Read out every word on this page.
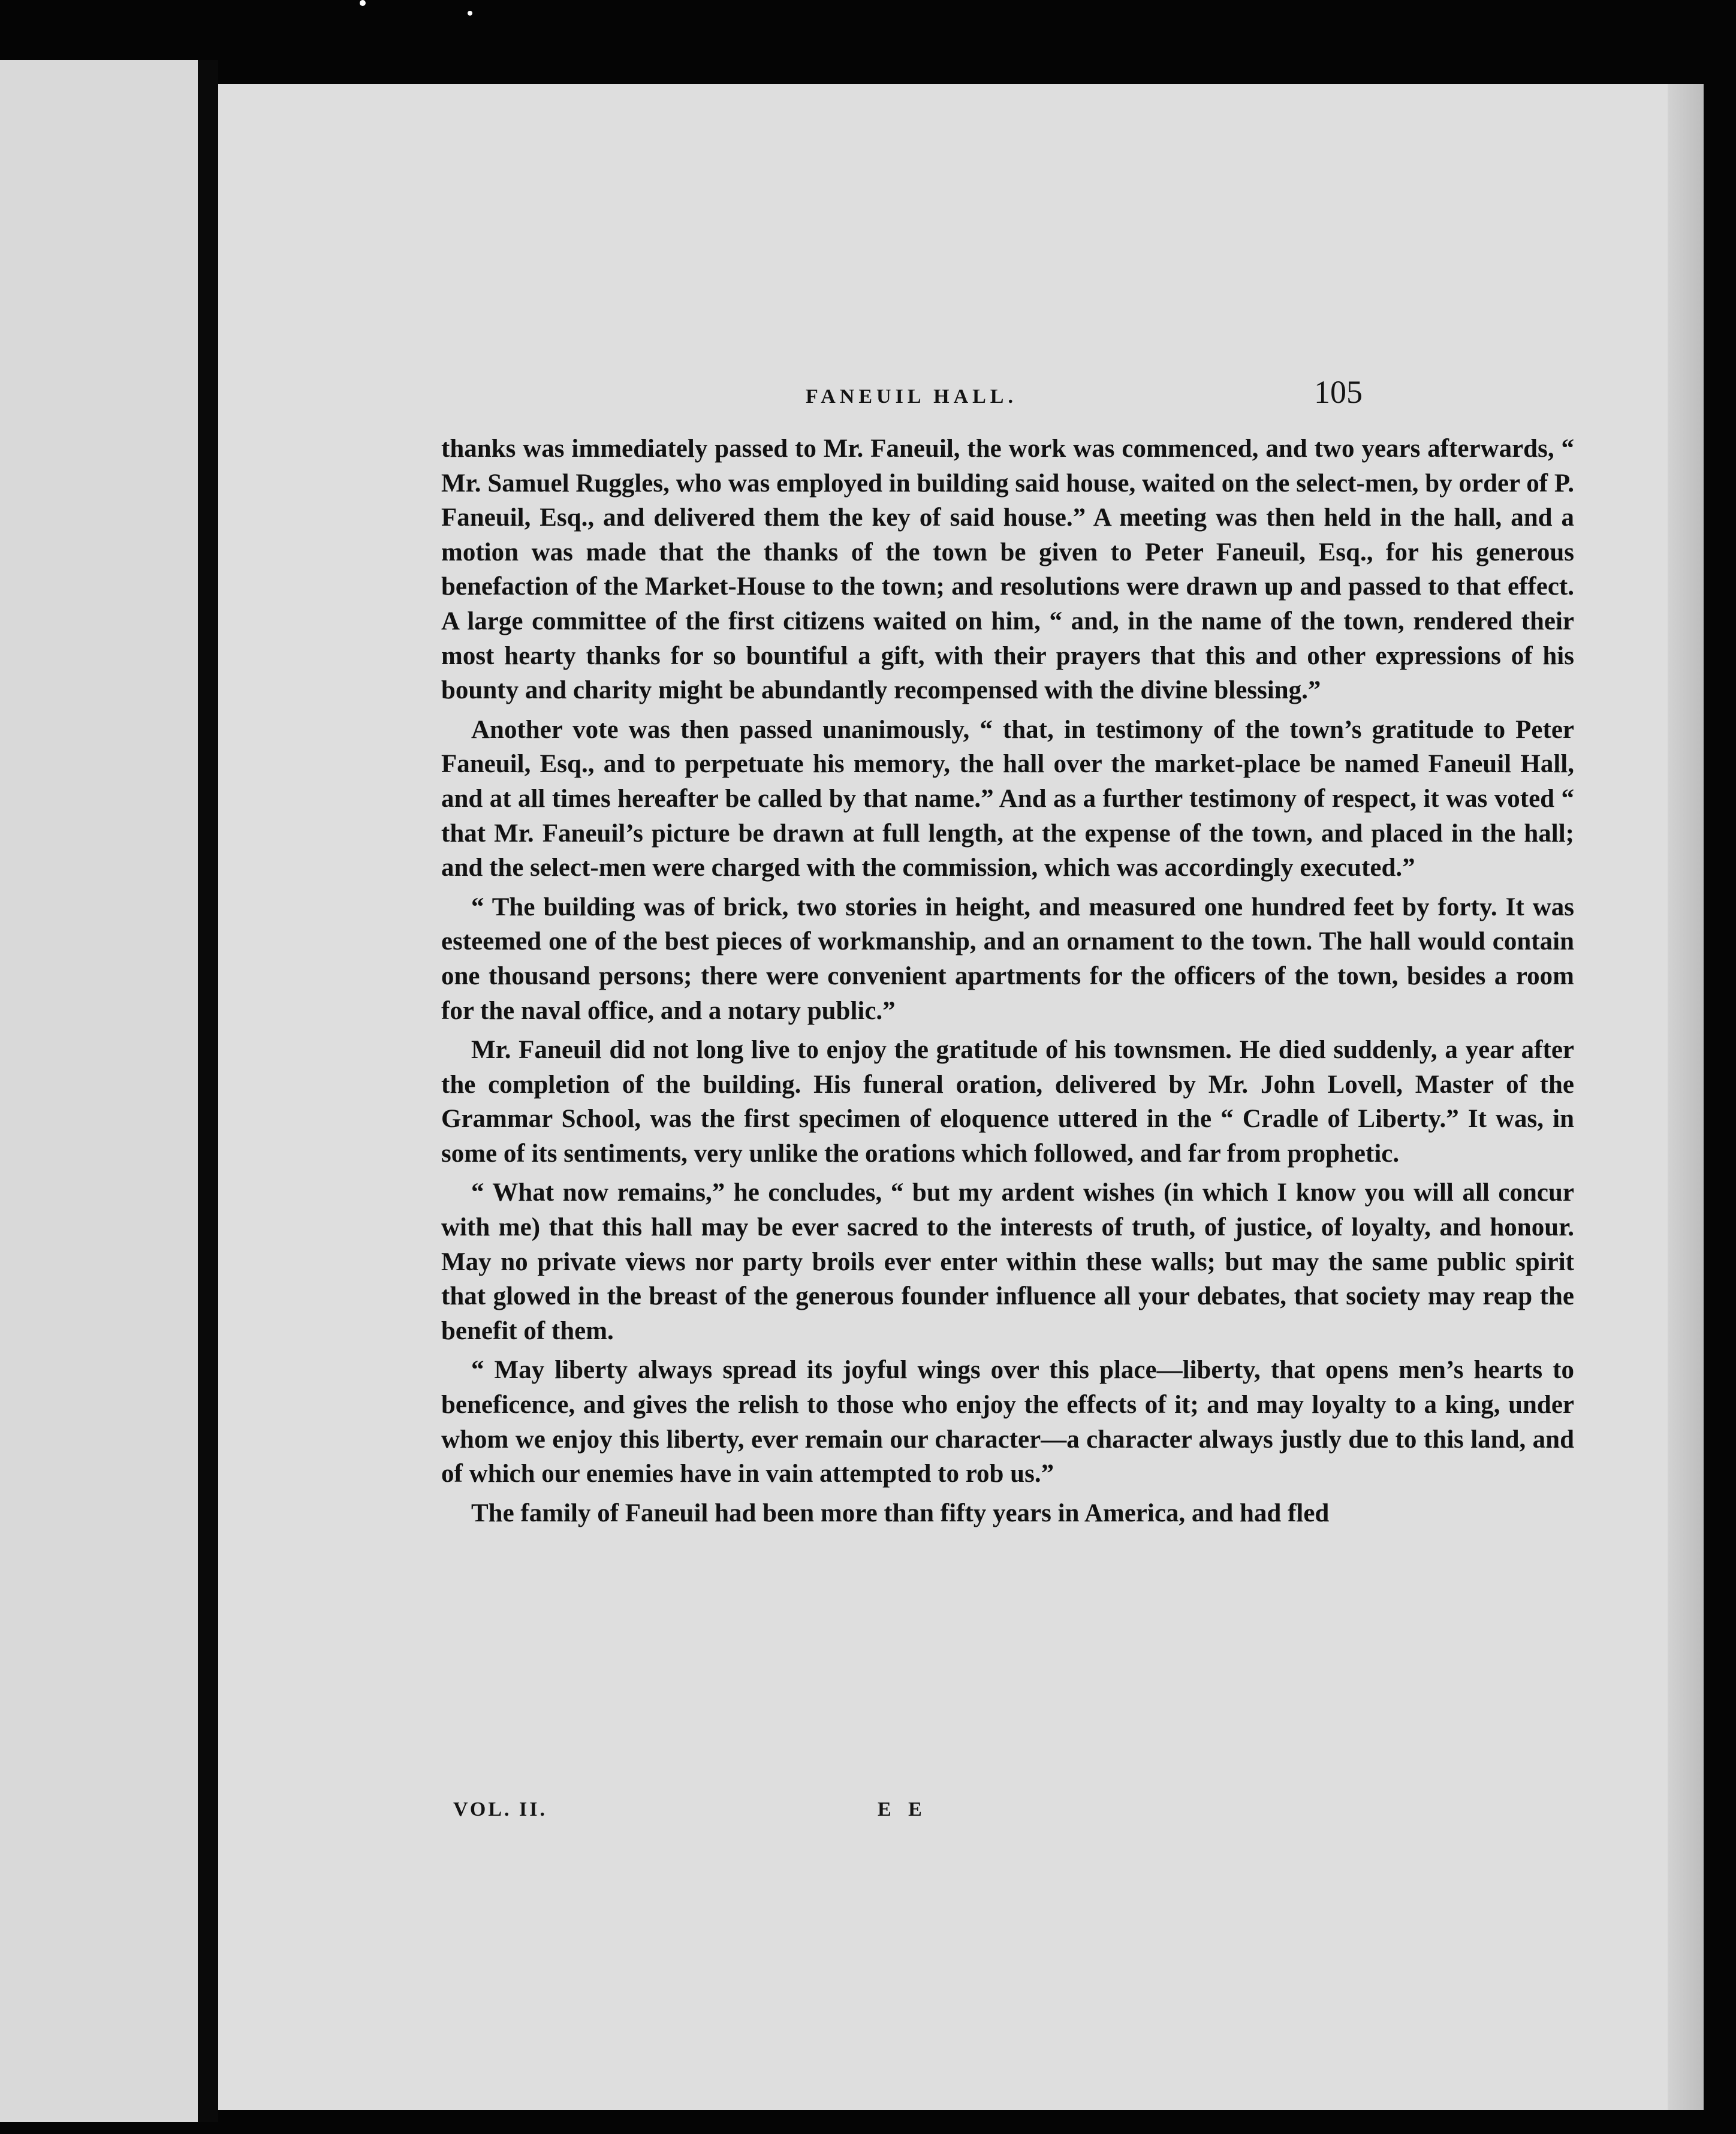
FANEUIL HALL.	105

thanks was immediately passed to Mr. Faneuil, the work was commenced, and two years afterwards, “ Mr. Samuel Ruggles, who was employed in building said house, waited on the select-men, by order of P. Faneuil, Esq., and delivered them the key of said house.” A meeting was then held in the hall, and a motion was made that the thanks of the town be given to Peter Faneuil, Esq., for his generous benefaction of the Market-House to the town; and resolutions were drawn up and passed to that effect. A large committee of the first citizens waited on him, “ and, in the name of the town, rendered their most hearty thanks for so bountiful a gift, with their prayers that this and other expressions of his bounty and charity might be abundantly recompensed with the divine blessing.”

Another vote was then passed unanimously, “ that, in testimony of the town’s gratitude to Peter Faneuil, Esq., and to perpetuate his memory, the hall over the market-place be named Faneuil Hall, and at all times hereafter be called by that name.” And as a further testimony of respect, it was voted “ that Mr. Faneuil’s picture be drawn at full length, at the expense of the town, and placed in the hall; and the select-men were charged with the commission, which was accordingly executed.”

“ The building was of brick, two stories in height, and measured one hundred feet by forty. It was esteemed one of the best pieces of workmanship, and an ornament to the town. The hall would contain one thousand persons; there were convenient apartments for the officers of the town, besides a room for the naval office, and a notary public.”

Mr. Faneuil did not long live to enjoy the gratitude of his townsmen. He died suddenly, a year after the completion of the building. His funeral oration, delivered by Mr. John Lovell, Master of the Grammar School, was the first specimen of eloquence uttered in the “ Cradle of Liberty.” It was, in some of its sentiments, very unlike the orations which followed, and far from prophetic.

“ What now remains,” he concludes, “ but my ardent wishes (in which I know you will all concur with me) that this hall may be ever sacred to the interests of truth, of justice, of loyalty, and honour. May no private views nor party broils ever enter within these walls; but may the same public spirit that glowed in the breast of the generous founder influence all your debates, that society may reap the benefit of them.

“ May liberty always spread its joyful wings over this place—liberty, that opens men’s hearts to beneficence, and gives the relish to those who enjoy the effects of it; and may loyalty to a king, under whom we enjoy this liberty, ever remain our character—a character always justly due to this land, and of which our enemies have in vain attempted to rob us.”

The family of Faneuil had been more than fifty years in America, and had fled

VOL. II.	E E
